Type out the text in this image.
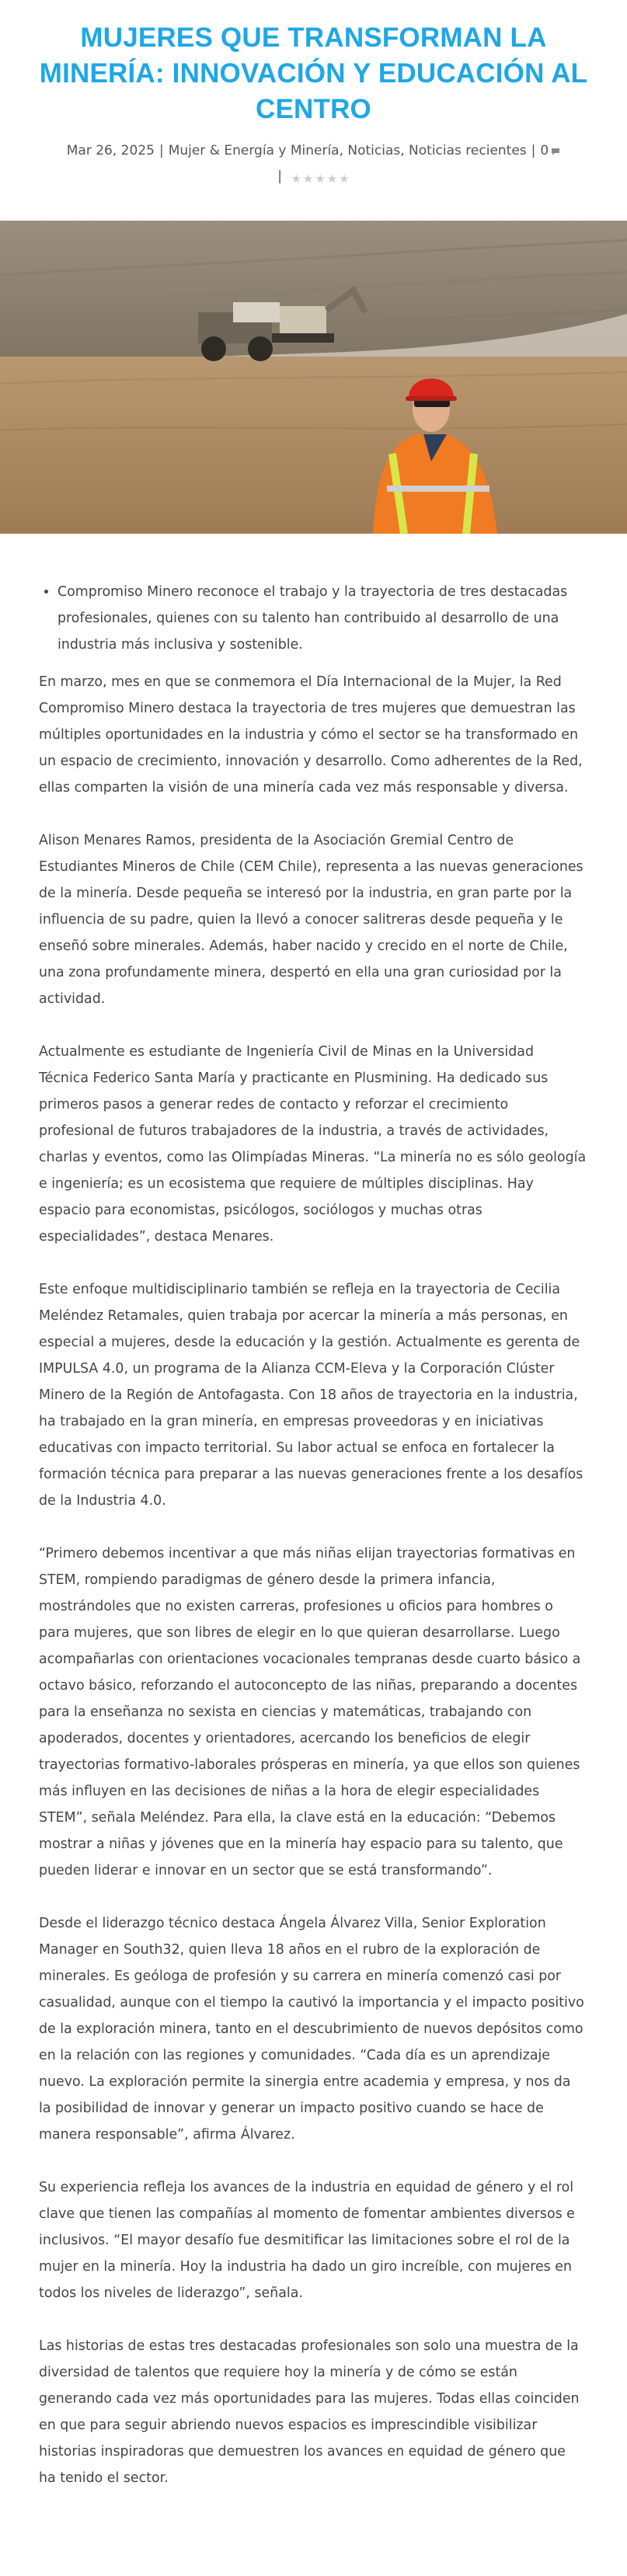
MUJERES QUE TRANSFORMAN LA MINERÍA: INNOVACIÓN Y EDUCACIÓN AL CENTRO
Mar 26, 2025 | Mujer & Energía y Minería, Noticias, Noticias recientes | 0
| ★ ★ ★ ★ ★
• Compromiso Minero reconoce el trabajo y la trayectoria de tres destacadas profesionales, quienes con su talento han contribuido al desarrollo de una industria más inclusiva y sostenible.

En marzo, mes en que se conmemora el Día Internacional de la Mujer, la Red Compromiso Minero destaca la trayectoria de tres mujeres que demuestran las múltiples oportunidades en la industria y cómo el sector se ha transformado en un espacio de crecimiento, innovación y desarrollo. Como adherentes de la Red, ellas comparten la visión de una minería cada vez más responsable y diversa.

Alison Menares Ramos, presidenta de la Asociación Gremial Centro de Estudiantes Mineros de Chile (CEM Chile), representa a las nuevas generaciones de la minería. Desde pequeña se interesó por la industria, en gran parte por la influencia de su padre, quien la llevó a conocer salitreras desde pequeña y le enseñó sobre minerales. Además, haber nacido y crecido en el norte de Chile, una zona profundamente minera, despertó en ella una gran curiosidad por la actividad.

Actualmente es estudiante de Ingeniería Civil de Minas en la Universidad Técnica Federico Santa María y practicante en Plusmining. Ha dedicado sus primeros pasos a generar redes de contacto y reforzar el crecimiento profesional de futuros trabajadores de la industria, a través de actividades, charlas y eventos, como las Olimpíadas Mineras. “La minería no es sólo geología e ingeniería; es un ecosistema que requiere de múltiples disciplinas. Hay espacio para economistas, psicólogos, sociólogos y muchas otras especialidades”, destaca Menares.

Este enfoque multidisciplinario también se refleja en la trayectoria de Cecilia Meléndez Retamales, quien trabaja por acercar la minería a más personas, en especial a mujeres, desde la educación y la gestión. Actualmente es gerenta de IMPULSA 4.0, un programa de la Alianza CCM-Eleva y la Corporación Clúster Minero de la Región de Antofagasta. Con 18 años de trayectoria en la industria, ha trabajado en la gran minería, en empresas proveedoras y en iniciativas educativas con impacto territorial. Su labor actual se enfoca en fortalecer la formación técnica para preparar a las nuevas generaciones frente a los desafíos de la Industria 4.0.

“Primero debemos incentivar a que más niñas elijan trayectorias formativas en STEM, rompiendo paradigmas de género desde la primera infancia, mostrándoles que no existen carreras, profesiones u oficios para hombres o para mujeres, que son libres de elegir en lo que quieran desarrollarse. Luego acompañarlas con orientaciones vocacionales tempranas desde cuarto básico a octavo básico, reforzando el autoconcepto de las niñas, preparando a docentes para la enseñanza no sexista en ciencias y matemáticas, trabajando con apoderados, docentes y orientadores, acercando los beneficios de elegir trayectorias formativo-laborales prósperas en minería, ya que ellos son quienes más influyen en las decisiones de niñas a la hora de elegir especialidades STEM”, señala Meléndez. Para ella, la clave está en la educación: “Debemos mostrar a niñas y jóvenes que en la minería hay espacio para su talento, que pueden liderar e innovar en un sector que se está transformando”.

Desde el liderazgo técnico destaca Ángela Álvarez Villa, Senior Exploration Manager en South32, quien lleva 18 años en el rubro de la exploración de minerales. Es geóloga de profesión y su carrera en minería comenzó casi por casualidad, aunque con el tiempo la cautivó la importancia y el impacto positivo de la exploración minera, tanto en el descubrimiento de nuevos depósitos como en la relación con las regiones y comunidades. “Cada día es un aprendizaje nuevo. La exploración permite la sinergia entre academia y empresa, y nos da la posibilidad de innovar y generar un impacto positivo cuando se hace de manera responsable”, afirma Álvarez.

Su experiencia refleja los avances de la industria en equidad de género y el rol clave que tienen las compañías al momento de fomentar ambientes diversos e inclusivos. “El mayor desafío fue desmitificar las limitaciones sobre el rol de la mujer en la minería. Hoy la industria ha dado un giro increíble, con mujeres en todos los niveles de liderazgo”, señala.

Las historias de estas tres destacadas profesionales son solo una muestra de la diversidad de talentos que requiere hoy la minería y de cómo se están generando cada vez más oportunidades para las mujeres. Todas ellas coinciden en que para seguir abriendo nuevos espacios es imprescindible visibilizar historias inspiradoras que demuestren los avances en equidad de género que ha tenido el sector.
